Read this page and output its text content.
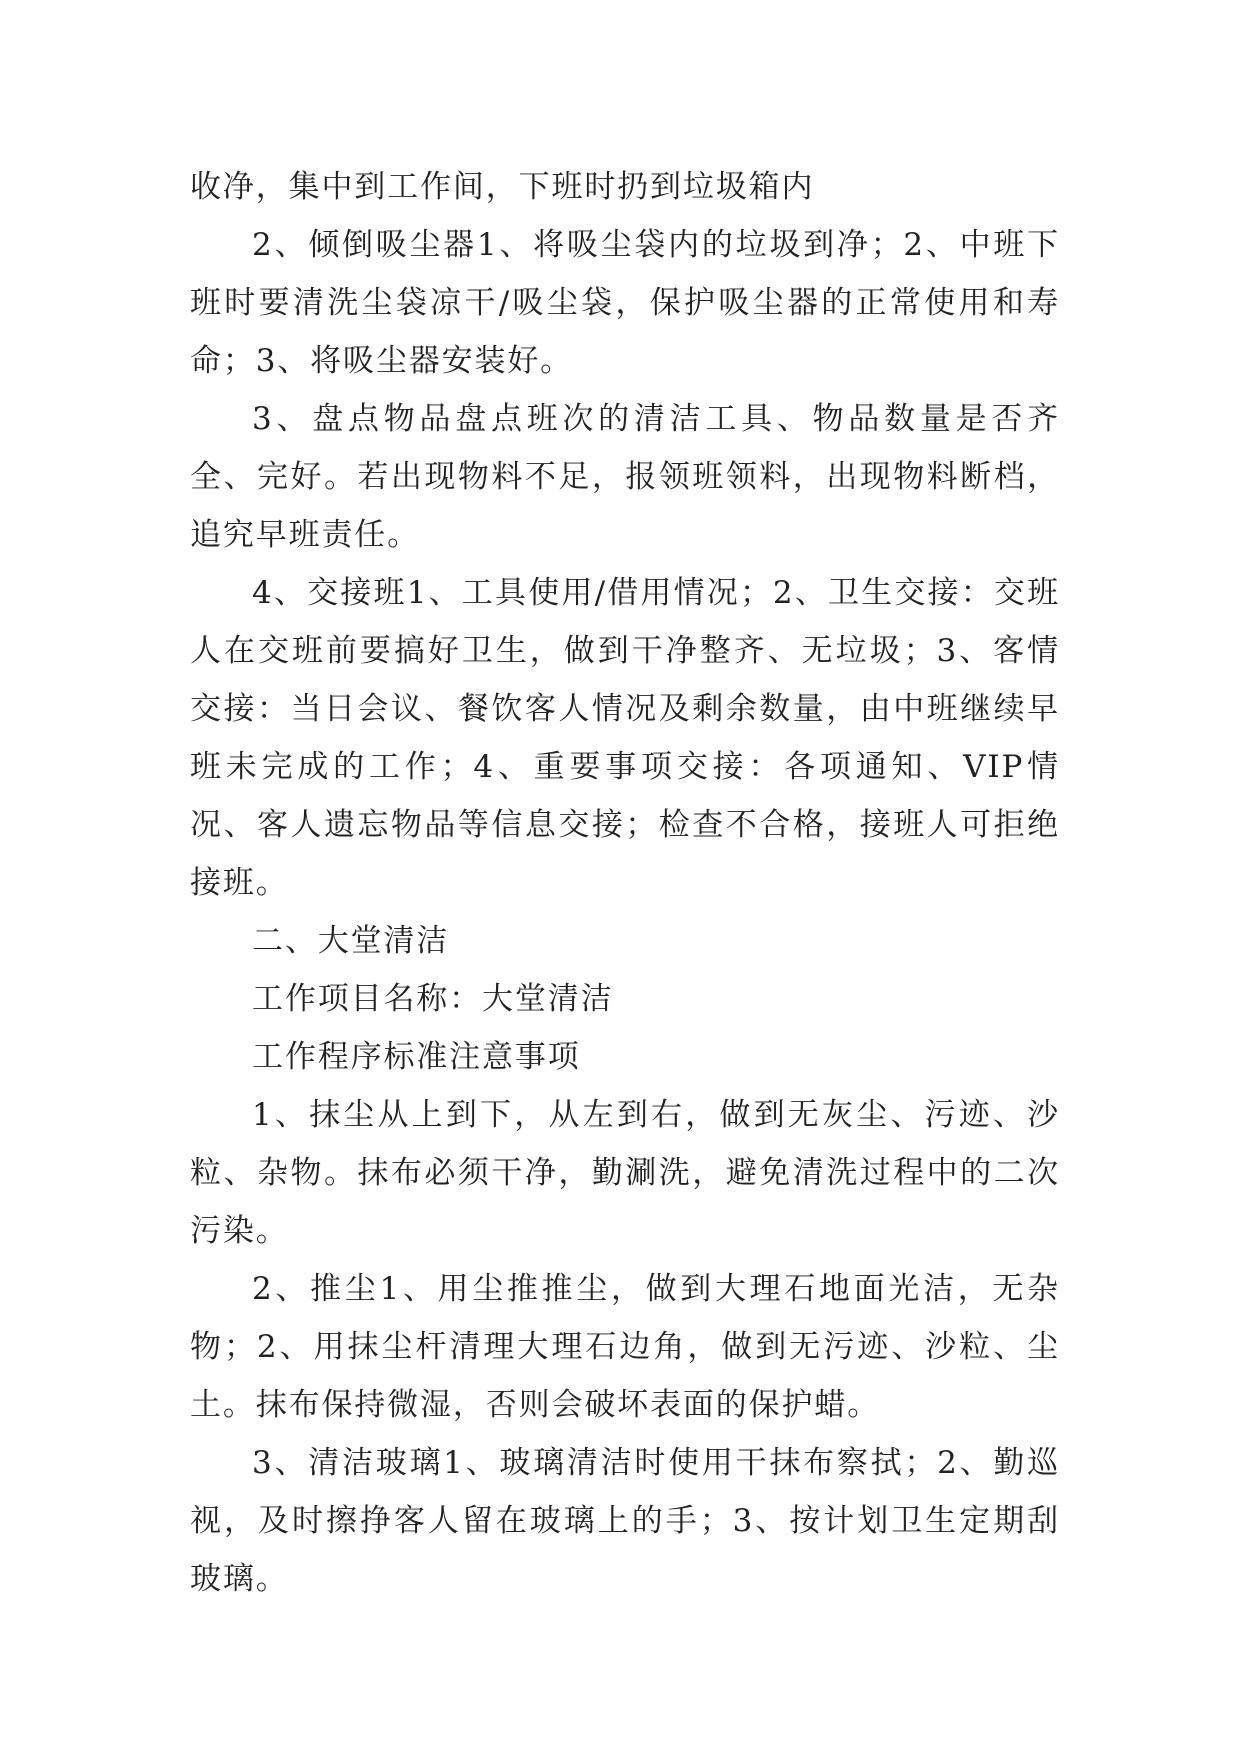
收净，集中到工作间，下班时扔到垃圾箱内

2、倾倒吸尘器1、将吸尘袋内的垃圾到净；2、中班下班时要清洗尘袋凉干/吸尘袋，保护吸尘器的正常使用和寿命；3、将吸尘器安装好。

3、盘点物品盘点班次的清洁工具、物品数量是否齐全、完好。若出现物料不足，报领班领料，出现物料断档，追究早班责任。

4、交接班1、工具使用/借用情况；2、卫生交接：交班人在交班前要搞好卫生，做到干净整齐、无垃圾；3、客情交接：当日会议、餐饮客人情况及剩余数量，由中班继续早班未完成的工作；4、重要事项交接：各项通知、VIP情况、客人遗忘物品等信息交接；检查不合格，接班人可拒绝接班。

二、大堂清洁

工作项目名称：大堂清洁

工作程序标准注意事项

1、抹尘从上到下，从左到右，做到无灰尘、污迹、沙粒、杂物。抹布必须干净，勤涮洗，避免清洗过程中的二次污染。

2、推尘1、用尘推推尘，做到大理石地面光洁，无杂物；2、用抹尘杆清理大理石边角，做到无污迹、沙粒、尘土。抹布保持微湿，否则会破坏表面的保护蜡。

3、清洁玻璃1、玻璃清洁时使用干抹布察拭；2、勤巡视，及时擦挣客人留在玻璃上的手；3、按计划卫生定期刮玻璃。
